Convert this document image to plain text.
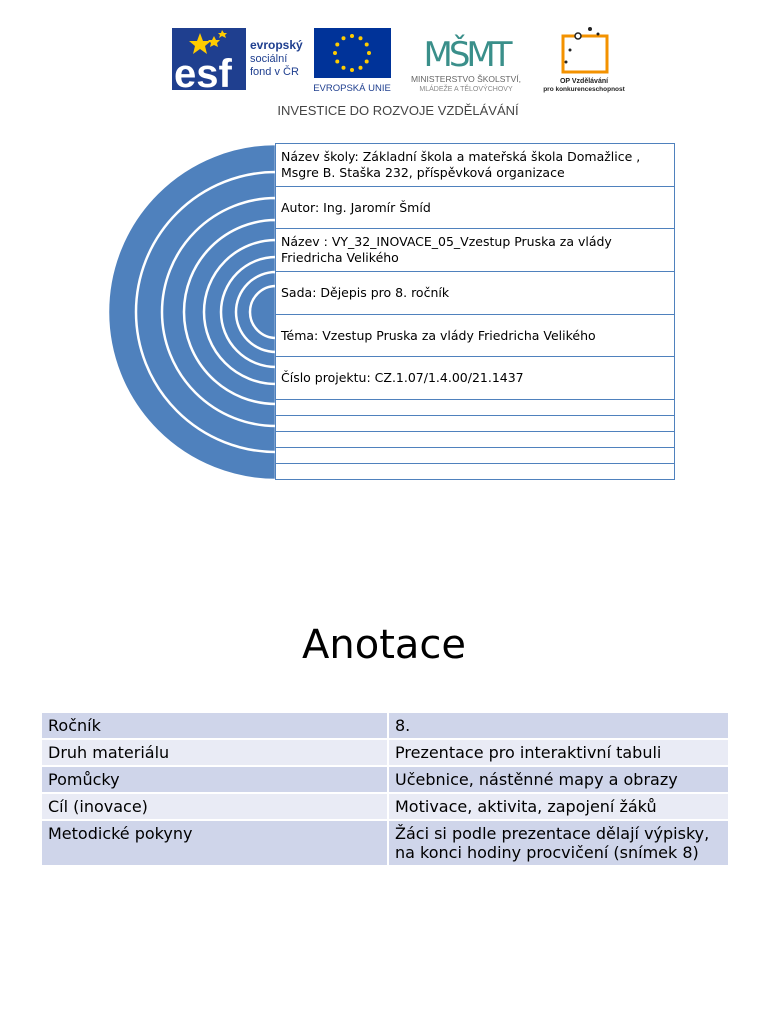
esf
evropský
sociální
fond v ČR
EVROPSKÁ UNIE
MŠMT
MINISTERSTVO ŠKOLSTVÍ,
MLÁDEŽE A TĚLOVÝCHOVY
OP Vzdělávání
pro konkurenceschopnost
INVESTICE DO ROZVOJE VZDĚLÁVÁNÍ
Název školy: Základní škola a mateřská škola Domažlice , Msgre B. Staška 232, příspěvková organizace
Autor: Ing. Jaromír Šmíd
Název : VY_32_INOVACE_05_Vzestup Pruska za vlády Friedricha Velikého
Sada: Dějepis pro 8. ročník
Téma: Vzestup Pruska za vlády Friedricha Velikého
Číslo projektu: CZ.1.07/1.4.00/21.1437

Anotace
Ročník	8.
Druh materiálu	Prezentace pro interaktivní tabuli
Pomůcky	Učebnice, nástěnné mapy a obrazy
Cíl (inovace)	Motivace, aktivita, zapojení žáků
Metodické pokyny	Žáci si podle prezentace dělají výpisky, na konci hodiny procvičení (snímek 8)
